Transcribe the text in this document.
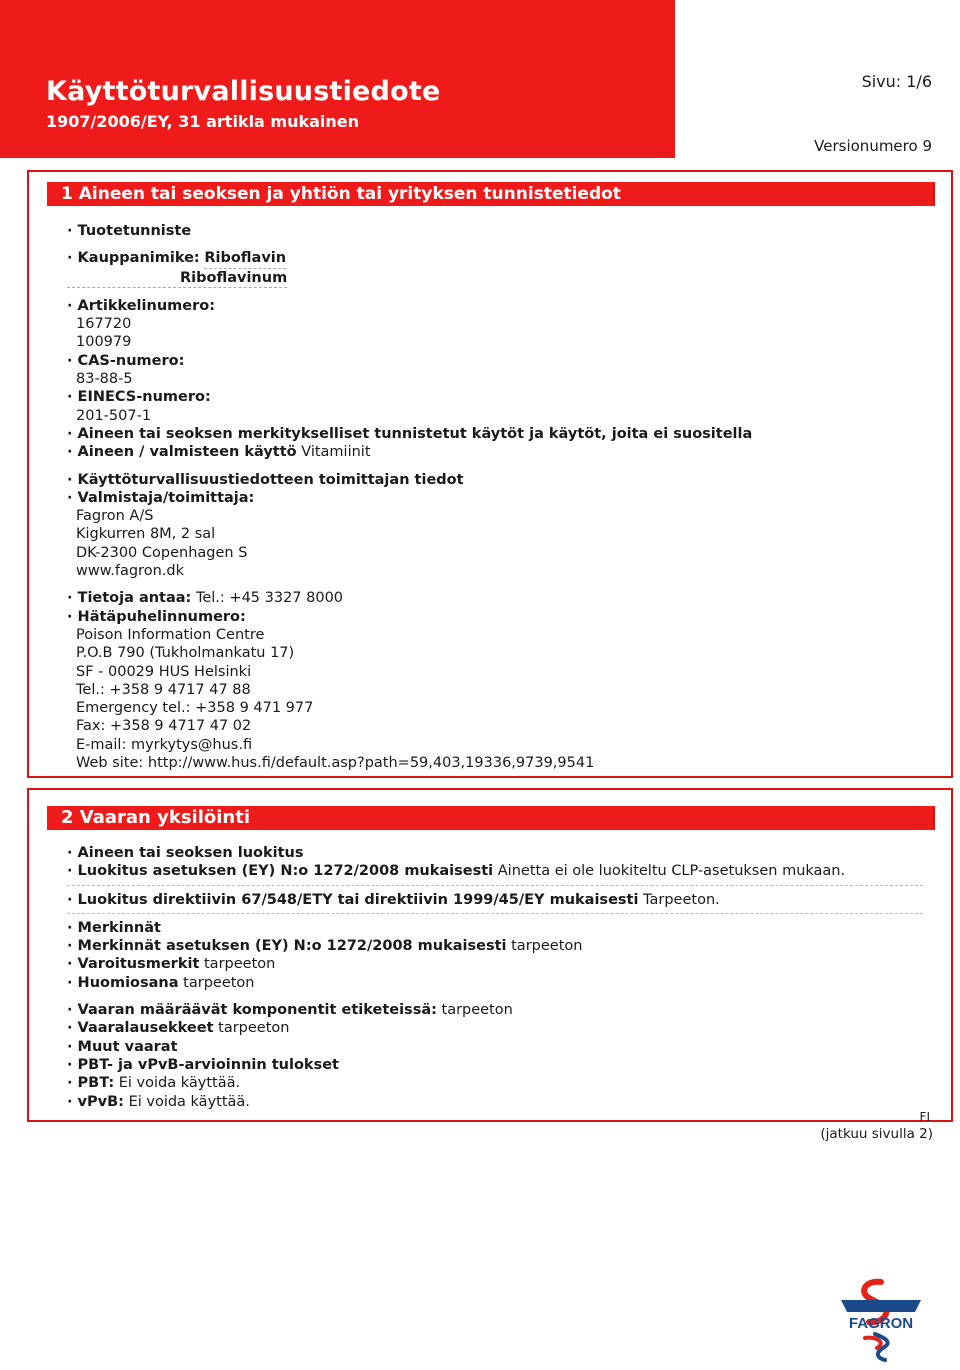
Käyttöturvallisuustiedote
1907/2006/EY, 31 artikla mukainen
Sivu: 1/6
Painatuspäivämäärä 20.06.2011
Tarkistus: 20.06.2011
Versionumero 9
1 Aineen tai seoksen ja yhtiön tai yrityksen tunnistetiedot
· Tuotetunniste
· Kauppanimike: Riboflavin
Riboflavinum
· Artikkelinumero:
167720
100979
· CAS-numero:
83-88-5
· EINECS-numero:
201-507-1
· Aineen tai seoksen merkitykselliset tunnistetut käytöt ja käytöt, joita ei suositella
· Aineen / valmisteen käyttö Vitamiinit
· Käyttöturvallisuustiedotteen toimittajan tiedot
· Valmistaja/toimittaja:
Fagron A/S
Kigkurren 8M, 2 sal
DK-2300 Copenhagen S
www.fagron.dk
· Tietoja antaa: Tel.: +45 3327 8000
· Hätäpuhelinnumero:
Poison Information Centre
P.O.B 790 (Tukholmankatu 17)
SF - 00029 HUS Helsinki
Tel.: +358 9 4717 47 88
Emergency tel.: +358 9 471 977
Fax: +358 9 4717 47 02
E-mail: myrkytys@hus.fi
Web site: http://www.hus.fi/default.asp?path=59,403,19336,9739,9541
2 Vaaran yksilöinti
· Aineen tai seoksen luokitus
· Luokitus asetuksen (EY) N:o 1272/2008 mukaisesti Ainetta ei ole luokiteltu CLP-asetuksen mukaan.
· Luokitus direktiivin 67/548/ETY tai direktiivin 1999/45/EY mukaisesti Tarpeeton.
· Merkinnät
· Merkinnät asetuksen (EY) N:o 1272/2008 mukaisesti tarpeeton
· Varoitusmerkit tarpeeton
· Huomiosana tarpeeton
· Vaaran määräävät komponentit etiketeissä: tarpeeton
· Vaaralausekkeet tarpeeton
· Muut vaarat
· PBT- ja vPvB-arvioinnin tulokset
· PBT: Ei voida käyttää.
· vPvB: Ei voida käyttää.
FI
(jatkuu sivulla 2)
FAGRON
